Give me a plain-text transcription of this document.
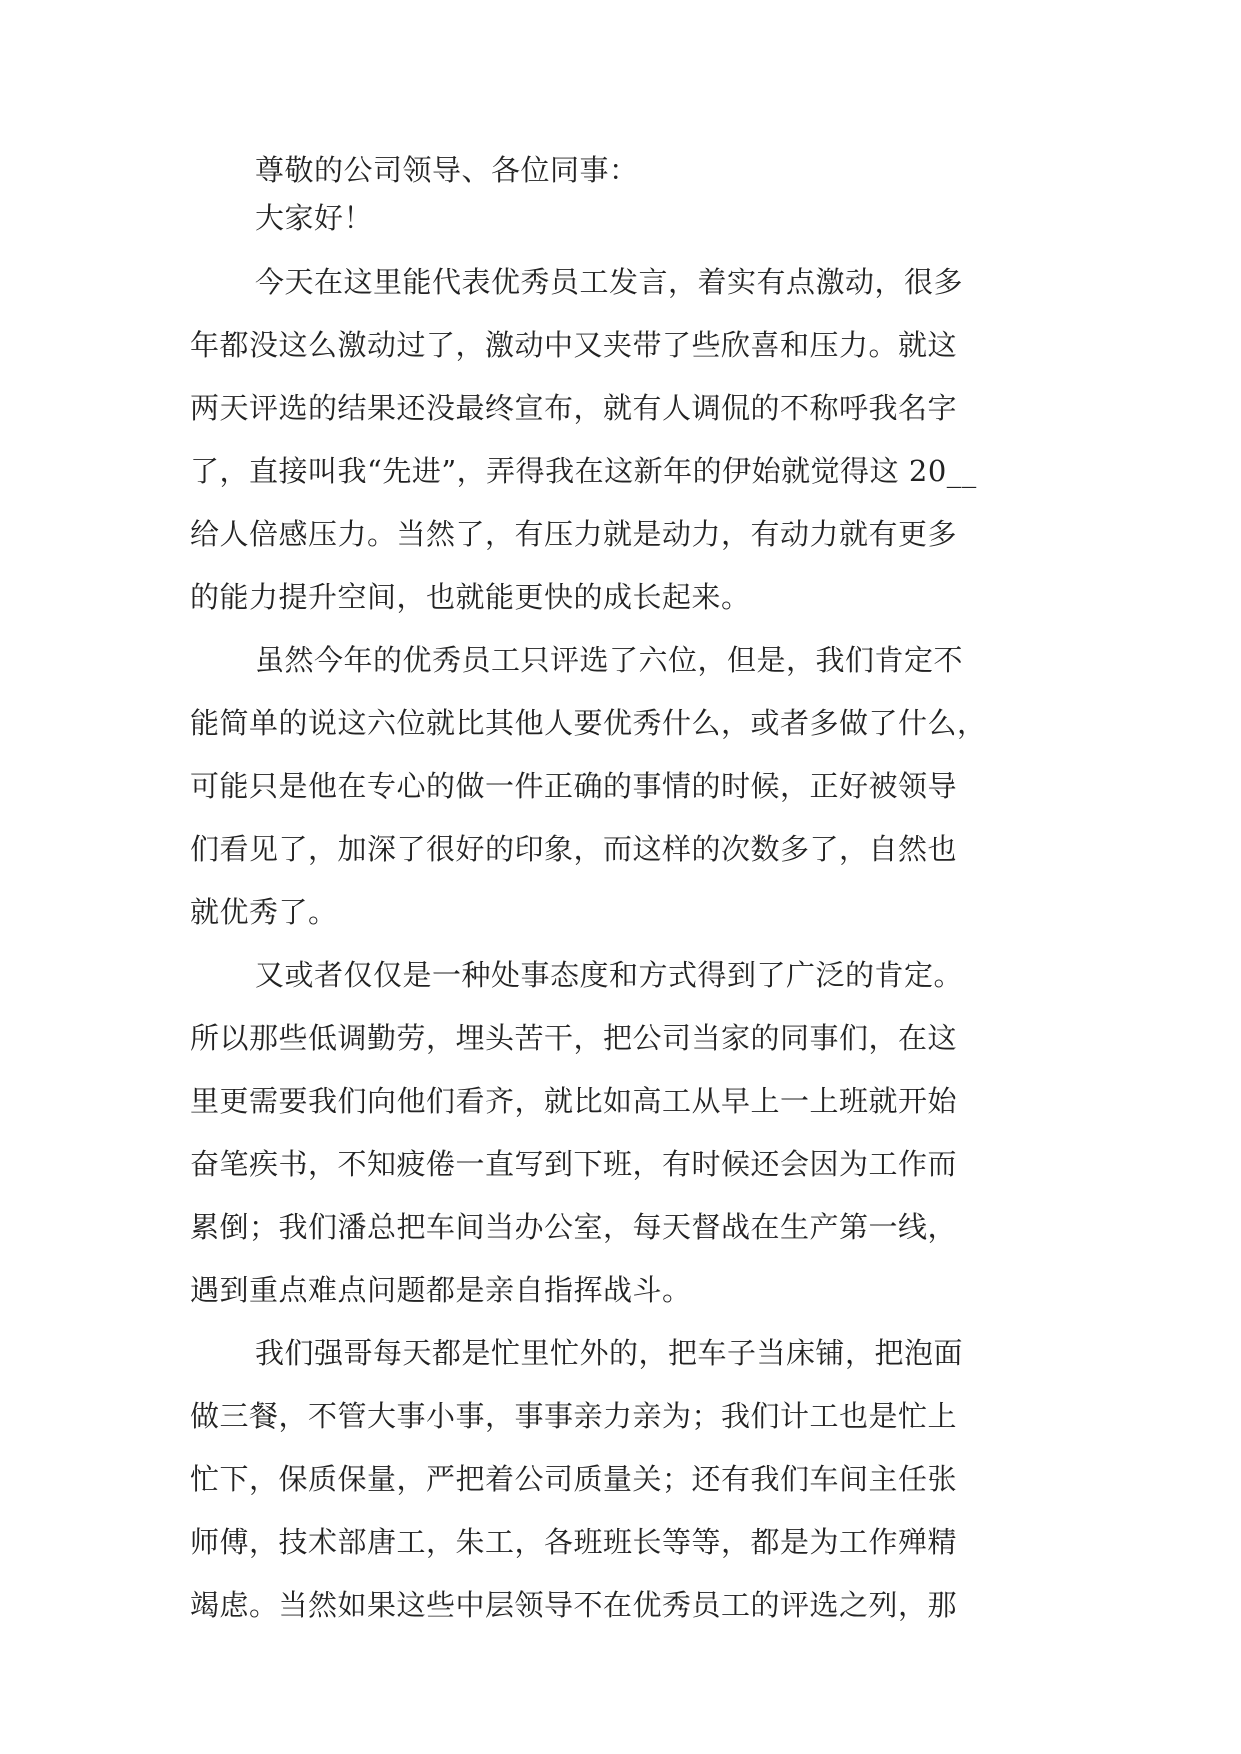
尊敬的公司领导、各位同事：
大家好！
今天在这里能代表优秀员工发言，着实有点激动，很多
年都没这么激动过了，激动中又夹带了些欣喜和压力。就这
两天评选的结果还没最终宣布，就有人调侃的不称呼我名字
了，直接叫我“先进”，弄得我在这新年的伊始就觉得这 20__
给人倍感压力。当然了，有压力就是动力，有动力就有更多
的能力提升空间，也就能更快的成长起来。
虽然今年的优秀员工只评选了六位，但是，我们肯定不
能简单的说这六位就比其他人要优秀什么，或者多做了什么，
可能只是他在专心的做一件正确的事情的时候，正好被领导
们看见了，加深了很好的印象，而这样的次数多了，自然也
就优秀了。
又或者仅仅是一种处事态度和方式得到了广泛的肯定。
所以那些低调勤劳，埋头苦干，把公司当家的同事们，在这
里更需要我们向他们看齐，就比如高工从早上一上班就开始
奋笔疾书，不知疲倦一直写到下班，有时候还会因为工作而
累倒；我们潘总把车间当办公室，每天督战在生产第一线，
遇到重点难点问题都是亲自指挥战斗。
我们强哥每天都是忙里忙外的，把车子当床铺，把泡面
做三餐，不管大事小事，事事亲力亲为；我们计工也是忙上
忙下，保质保量，严把着公司质量关；还有我们车间主任张
师傅，技术部唐工，朱工，各班班长等等，都是为工作殚精
竭虑。当然如果这些中层领导不在优秀员工的评选之列，那
